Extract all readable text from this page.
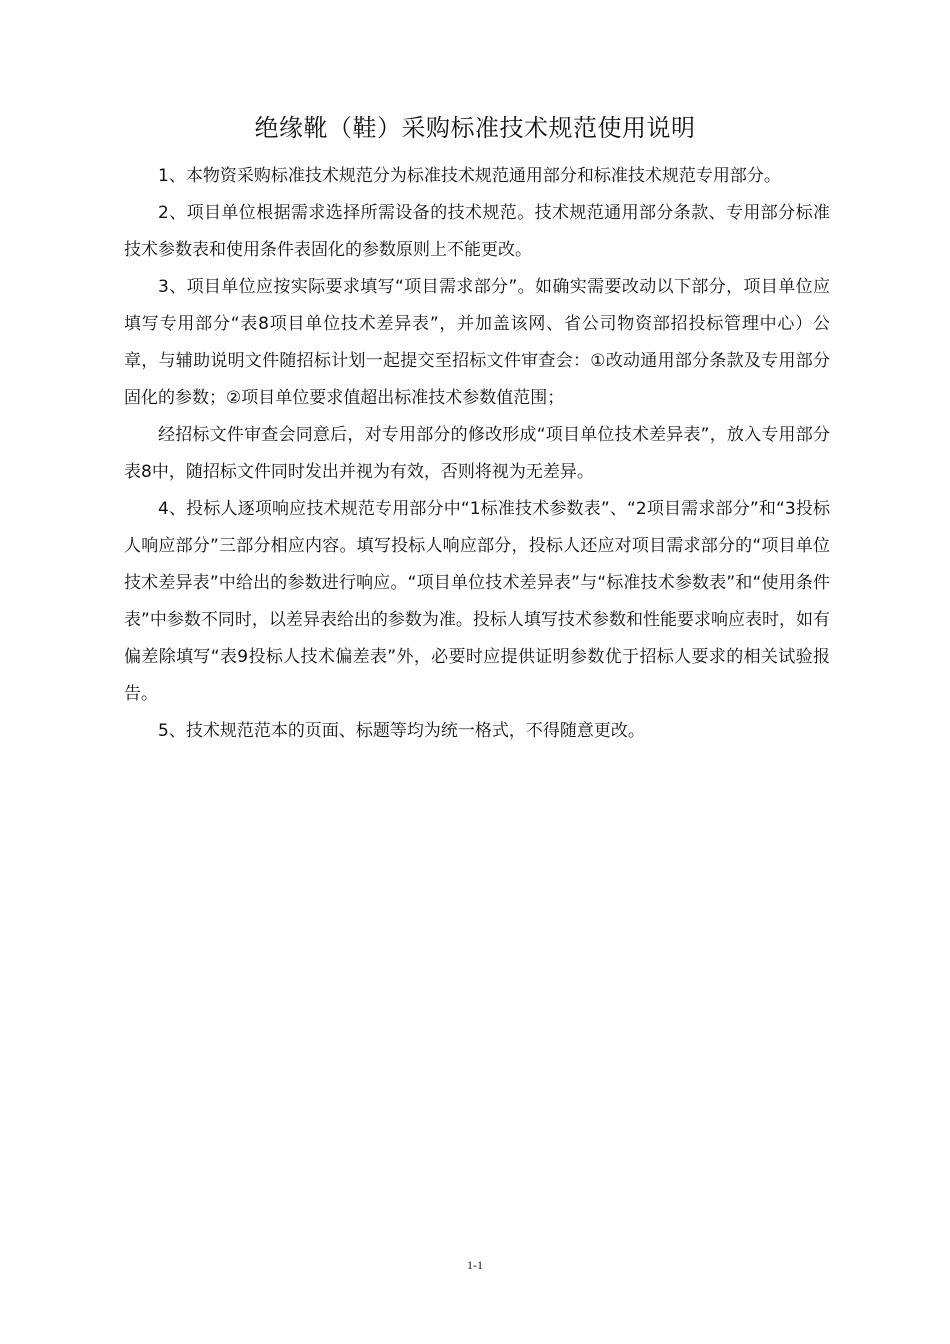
绝缘靴（鞋）采购标准技术规范使用说明

1、本物资采购标准技术规范分为标准技术规范通用部分和标准技术规范专用部分。

2、项目单位根据需求选择所需设备的技术规范。技术规范通用部分条款、专用部分标准技术参数表和使用条件表固化的参数原则上不能更改。

3、项目单位应按实际要求填写“项目需求部分”。如确实需要改动以下部分，项目单位应填写专用部分“表8项目单位技术差异表”，并加盖该网、省公司物资部招投标管理中心）公章，与辅助说明文件随招标计划一起提交至招标文件审查会：①改动通用部分条款及专用部分固化的参数；②项目单位要求值超出标准技术参数值范围；

经招标文件审查会同意后，对专用部分的修改形成“项目单位技术差异表”，放入专用部分表8中，随招标文件同时发出并视为有效，否则将视为无差异。

4、投标人逐项响应技术规范专用部分中“1标准技术参数表”、“2项目需求部分”和“3投标人响应部分”三部分相应内容。填写投标人响应部分，投标人还应对项目需求部分的“项目单位技术差异表”中给出的参数进行响应。“项目单位技术差异表”与“标准技术参数表”和“使用条件表”中参数不同时，以差异表给出的参数为准。投标人填写技术参数和性能要求响应表时，如有偏差除填写“表9投标人技术偏差表”外，必要时应提供证明参数优于招标人要求的相关试验报告。

5、技术规范范本的页面、标题等均为统一格式，不得随意更改。

1-1
